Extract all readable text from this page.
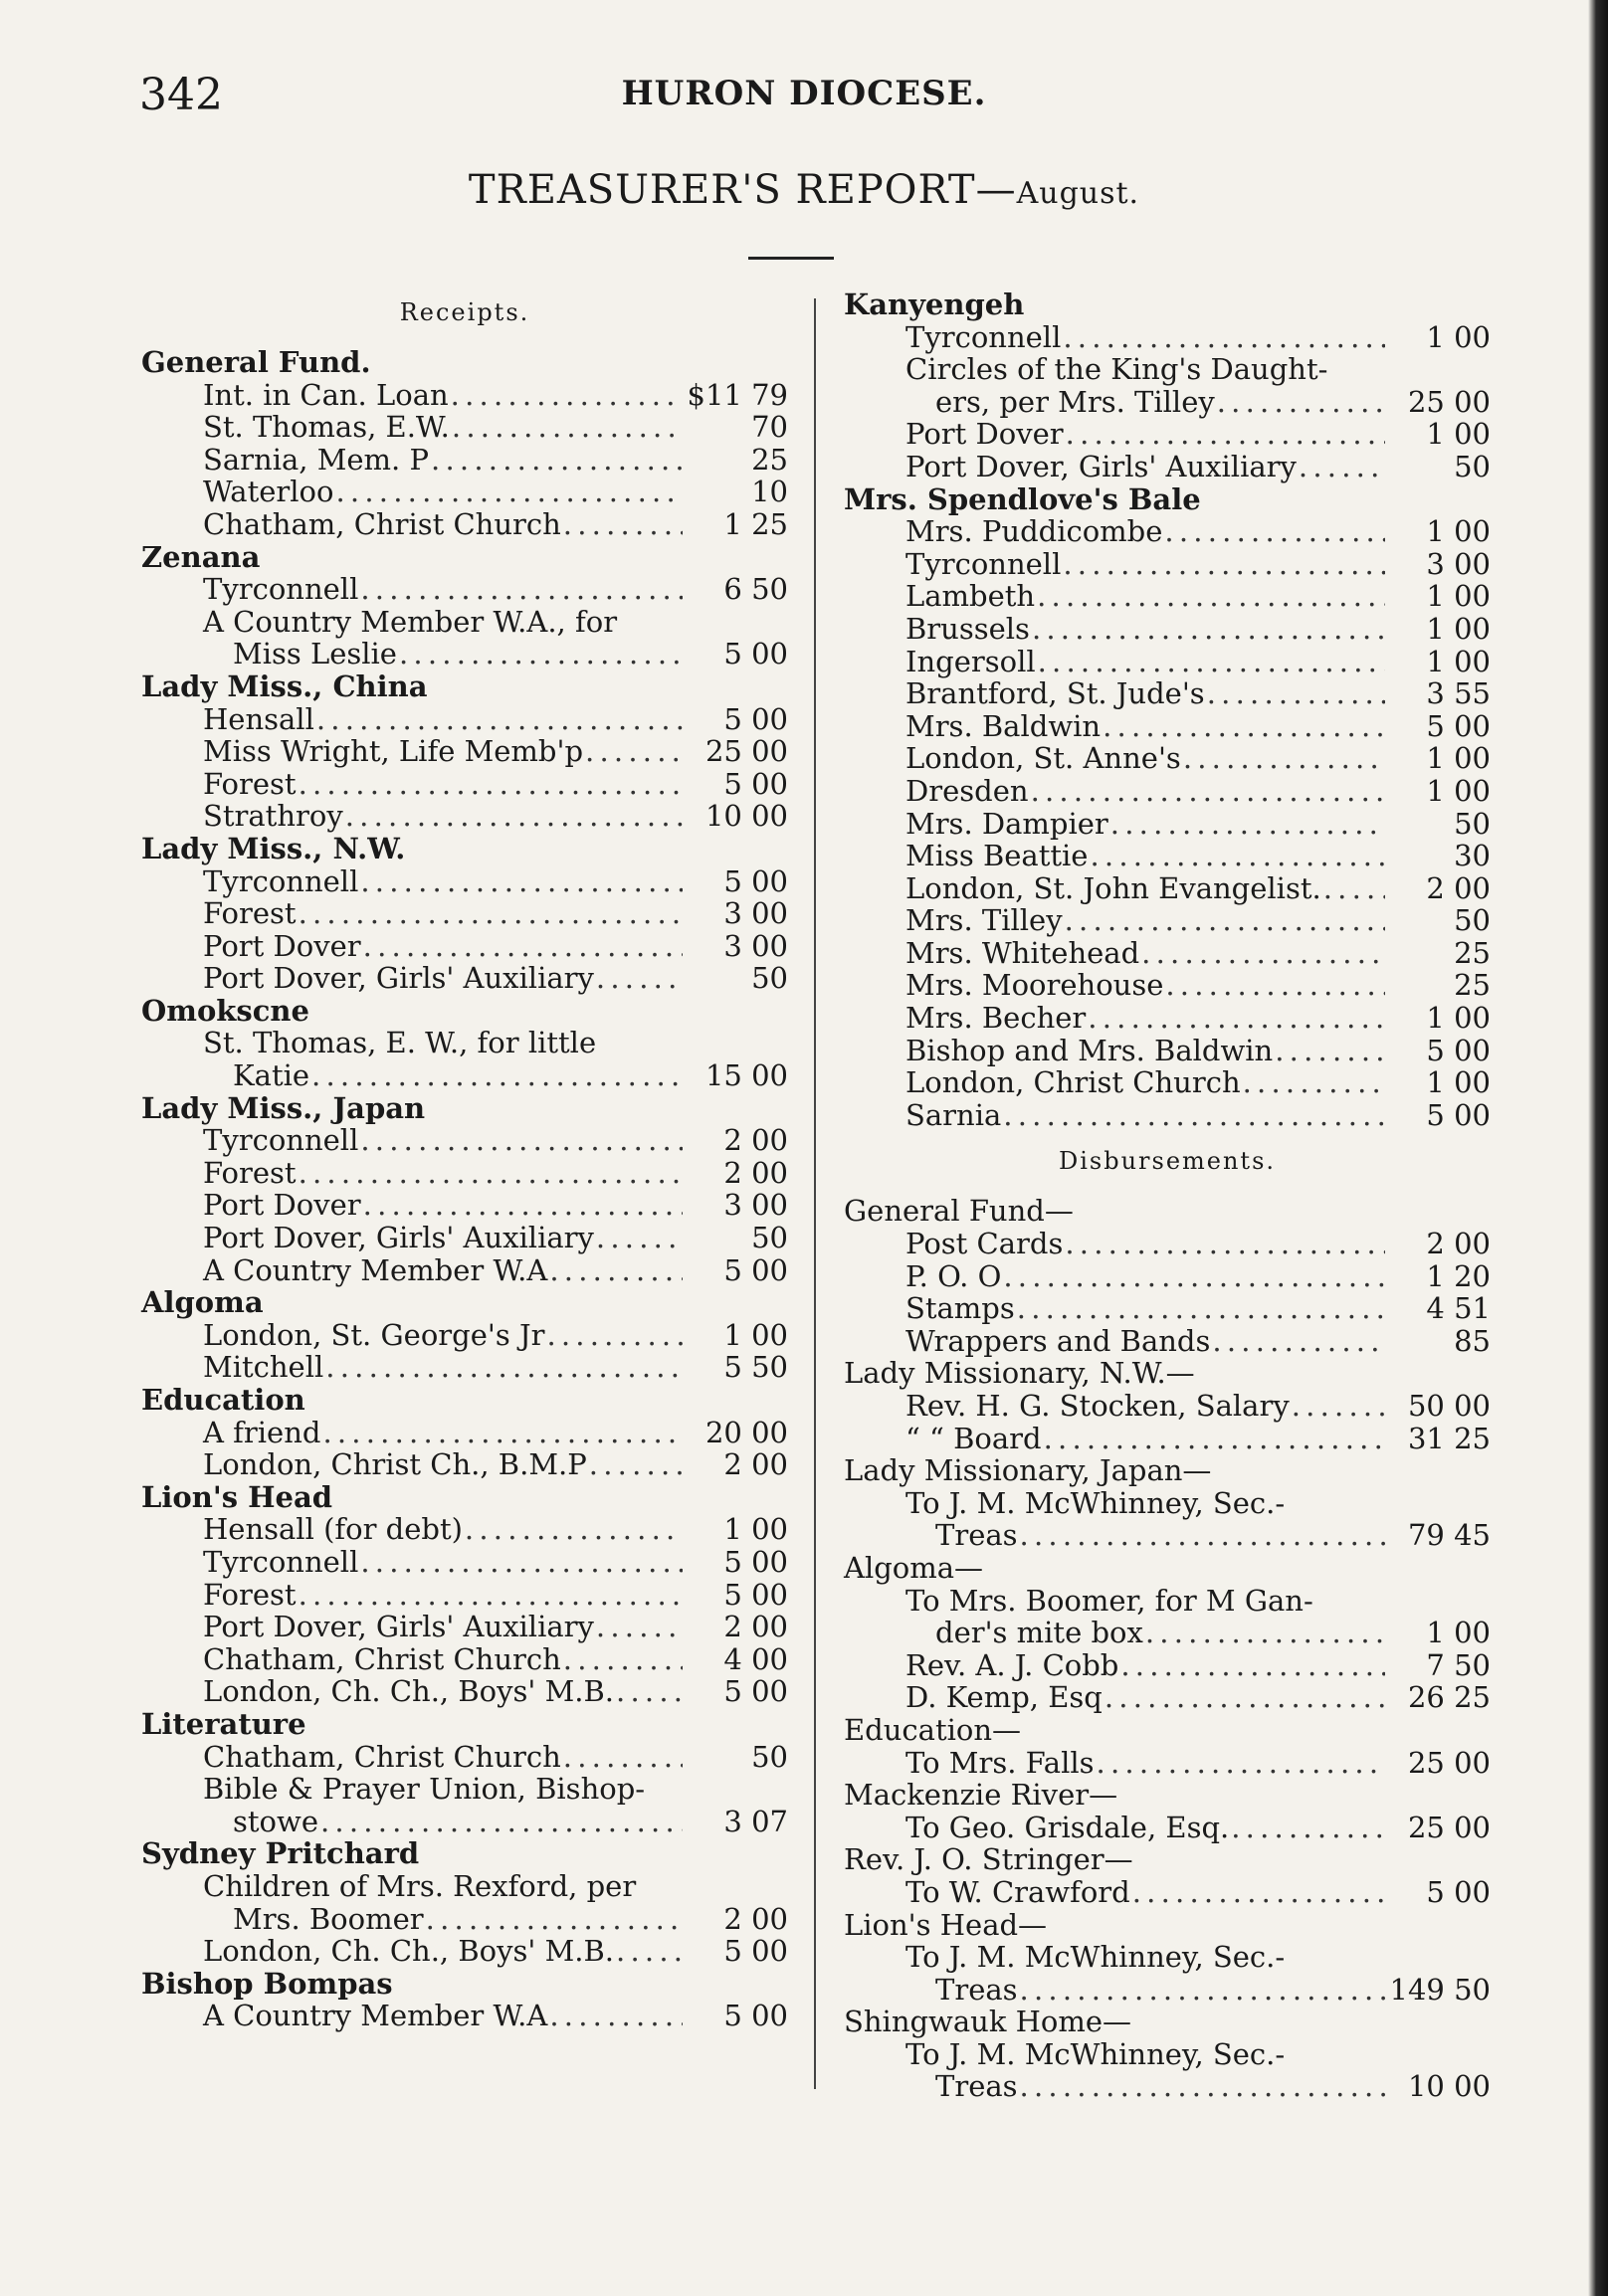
342	HURON DIOCESE.
TREASURER'S REPORT—August.
Receipts.
General Fund.
Int. in Can. Loan . . .	$11 79
St. Thomas, E.W. . . .	70
Sarnia, Mem. P . . .	25
Waterloo . . .	10
Chatham, Christ Church . . .	1 25
Zenana
Tyrconnell . . .	6 50
A Country Member W.A., for
Miss Leslie . . .	5 00
Lady Miss., China
Hensall . . .	5 00
Miss Wright, Life Memb'p . . .	25 00
Forest . . .	5 00
Strathroy . . .	10 00
Lady Miss., N.W.
Tyrconnell . . .	5 00
Forest . . .	3 00
Port Dover . . .	3 00
Port Dover, Girls' Auxiliary . . .	50
Omokscne
St. Thomas, E. W., for little
Katie . . .	15 00
Lady Miss., Japan
Tyrconnell . . .	2 00
Forest . . .	2 00
Port Dover . . .	3 00
Port Dover, Girls' Auxiliary . . .	50
A Country Member W.A . . .	5 00
Algoma
London, St. George's Jr . . .	1 00
Mitchell . . .	5 50
Education
A friend . . .	20 00
London, Christ Ch., B.M.P . . .	2 00
Lion's Head
Hensall (for debt) . . .	1 00
Tyrconnell . . .	5 00
Forest . . .	5 00
Port Dover, Girls' Auxiliary . . .	2 00
Chatham, Christ Church . . .	4 00
London, Ch. Ch., Boys' M.B. . . .	5 00
Literature
Chatham, Christ Church . . .	50
Bible & Prayer Union, Bishop-
stowe . . .	3 07
Sydney Pritchard
Children of Mrs. Rexford, per
Mrs. Boomer . . .	2 00
London, Ch. Ch., Boys' M.B. . . .	5 00
Bishop Bompas
A Country Member W.A . . .	5 00
Kanyengeh
Tyrconnell . . .	1 00
Circles of the King's Daught-
ers, per Mrs. Tilley . . .	25 00
Port Dover . . .	1 00
Port Dover, Girls' Auxiliary . . .	50
Mrs. Spendlove's Bale
Mrs. Puddicombe . . .	1 00
Tyrconnell . . .	3 00
Lambeth . . .	1 00
Brussels . . .	1 00
Ingersoll . . .	1 00
Brantford, St. Jude's . . .	3 55
Mrs. Baldwin . . .	5 00
London, St. Anne's . . .	1 00
Dresden . . .	1 00
Mrs. Dampier . . .	50
Miss Beattie . . .	30
London, St. John Evangelist. . . .	2 00
Mrs. Tilley . . .	50
Mrs. Whitehead . . .	25
Mrs. Moorehouse . . .	25
Mrs. Becher . . .	1 00
Bishop and Mrs. Baldwin . . .	5 00
London, Christ Church . . .	1 00
Sarnia . . .	5 00
Disbursements.
General Fund—
Post Cards . . .	2 00
P. O. O . . .	1 20
Stamps . . .	4 51
Wrappers and Bands . . .	85
Lady Missionary, N.W.—
Rev. H. G. Stocken, Salary . . .	50 00
“ “ Board . . .	31 25
Lady Missionary, Japan—
To J. M. McWhinney, Sec.-
Treas . . .	79 45
Algoma—
To Mrs. Boomer, for M Gan-
der's mite box . . .	1 00
Rev. A. J. Cobb . . .	7 50
D. Kemp, Esq . . .	26 25
Education—
To Mrs. Falls . . .	25 00
Mackenzie River—
To Geo. Grisdale, Esq. . . .	25 00
Rev. J. O. Stringer—
To W. Crawford . . .	5 00
Lion's Head—
To J. M. McWhinney, Sec.-
Treas . . .	149 50
Shingwauk Home—
To J. M. McWhinney, Sec.-
Treas . . .	10 00
